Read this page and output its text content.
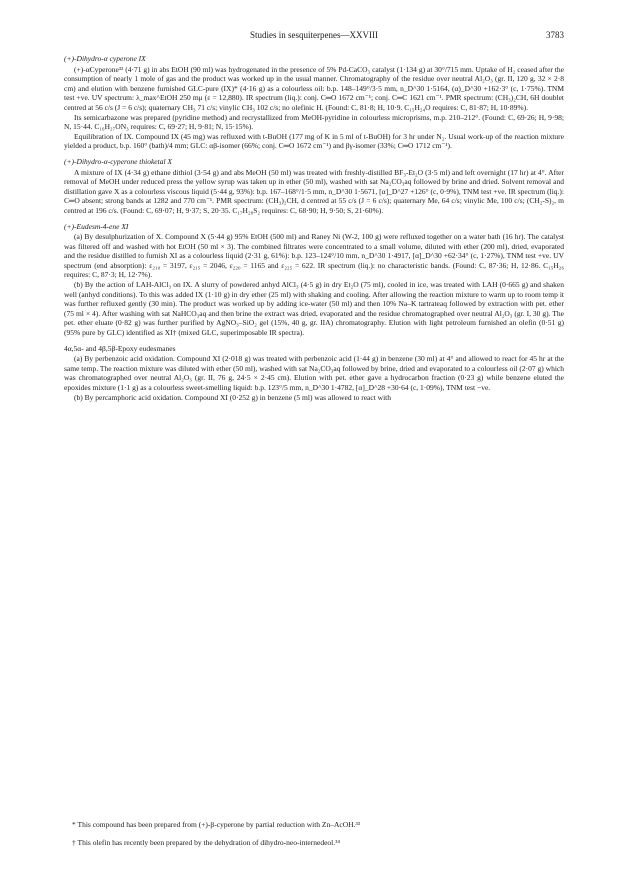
Studies in sesquiterpenes—XXVIII	3783
(+)-Dihydro-α cyperone IX

(+)-αCyperone³² (4·71 g) in abs EtOH (90 ml) was hydrogenated in the presence of 5% Pd-CaCO₃ catalyst (1·134 g) at 30°/715 mm. Uptake of H₂ ceased after the consumption of nearly 1 mole of gas and the product was worked up in the usual manner. Chromatography of the residue over neutral Al₂O₃ (gr. II, 120 g, 32 × 2·8 cm) and elution with benzene furnished GLC-pure (IX)* (4·16 g) as a colourless oil: b.p. 148–149°/3·5 mm, n_D^30 1·5164, (α)_D^30 +162·3° (c, 1·75%). TNM test +ve. UV spectrum: λ_max^EtOH 250 mμ (ε = 12,880). IR spectrum (liq.): conj. C═O 1672 cm⁻¹; conj. C═C 1621 cm⁻¹. PMR spectrum: (CH₃)₂CH, 6H doublet centred at 56 c/s (J = 6 c/s); quaternary CH₃ 71 c/s; vinylic CH₃ 102 c/s; no olefinic H. (Found: C, 81·8; H, 10·9. C₁₅H₂₄O requires: C, 81·87; H, 10·89%).

Its semicarbazone was prepared (pyridine method) and recrystallized from MeOH-pyridine in colourless microprisms, m.p. 210–212°. (Found: C, 69·26; H, 9·98; N, 15·44. C₁₆H₂₇ON₃ requires: C, 69·27; H, 9·81; N, 15·15%).

Equilibration of IX. Compound IX (45 mg) was refluxed with t-BuOH (177 mg of K in 5 ml of t-BuOH) for 3 hr under N₂. Usual work-up of the reaction mixture yielded a product, b.p. 160° (bath)/4 mm; GLC: αβ-isomer (66%; conj. C═O 1672 cm⁻¹) and βγ-isomer (33%; C═O 1712 cm⁻¹).

(+)-Dihydro-α-cyperone thioketal X

A mixture of IX (4·34 g) ethane dithiol (3·54 g) and abs MeOH (50 ml) was treated with freshly-distilled BF₃-Et₂O (3·5 ml) and left overnight (17 hr) at 4°. After removal of MeOH under reduced press the yellow syrup was taken up in ether (50 ml), washed with sat Na₂CO₃aq followed by brine and dried. Solvent removal and distillation gave X as a colourless viscous liquid (5·44 g, 93%): b.p. 167–168°/1·5 mm, n_D^30 1·5671, [α]_D^27 +126° (c, 0·9%), TNM test +ve. IR spectrum (liq.): C═O absent; strong bands at 1282 and 770 cm⁻¹. PMR spectrum: (CH₃)₂CH, d centred at 55 c/s (J = 6 c/s); quaternary Me, 64 c/s; vinylic Me, 100 c/s; (CH₂-S)₂, m centred at 196 c/s. (Found: C, 69·07; H, 9·37; S, 20·35. C₁₇H₂₈S₂ requires: C, 68·90; H, 9·50; S, 21·60%).

(+)-Eudesm-4-ene XI

(a) By desulphurization of X. Compound X (5·44 g) 95% EtOH (500 ml) and Raney Ni (W-2, 100 g) were refluxed together on a water bath (16 hr). The catalyst was filtered off and washed with hot EtOH (50 ml × 3). The combined filtrates were concentrated to a small volume, diluted with ether (200 ml), dried, evaporated and the residue distilled to furnish XI as a colourless liquid (2·31 g, 61%): b.p. 123–124°/10 mm, n_D^30 1·4917, [α]_D^30 +62·34° (c, 1·27%), TNM test +ve. UV spectrum (end absorption): ε₂₁₀ = 3197, ε₂₁₅ = 2046, ε₂₂₀ = 1165 and ε₂₂₅ = 622. IR spectrum (liq.): no characteristic bands. (Found: C, 87·36; H, 12·86. C₁₅H₂₆ requires: C, 87·3; H, 12·7%).

(b) By the action of LAH-AlCl₃ on IX. A slurry of powdered anhyd AlCl₃ (4·5 g) in dry Et₂O (75 ml), cooled in ice, was treated with LAH (0·665 g) and shaken well (anhyd conditions). To this was added IX (1·10 g) in dry ether (25 ml) with shaking and cooling. After allowing the reaction mixture to warm up to room temp it was further refluxed gently (30 min). The product was worked up by adding ice-water (50 ml) and then 10% Na–K tartrateaq followed by extraction with pet. ether (75 ml × 4). After washing with sat NaHCO₃aq and then brine the extract was dried, evaporated and the residue chromatographed over neutral Al₂O₃ (gr. I, 30 g). The pet. ether eluate (0·82 g) was further purified by AgNO₃–SiO₂ gel (15%, 40 g, gr. IIA) chromatography. Elution with light petroleum furnished an olefin (0·51 g) (95% pure by GLC) identified as XI† (mixed GLC, superimposable IR spectra).

4α,5α- and 4β,5β-Epoxy eudesmanes

(a) By perbenzoic acid oxidation. Compound XI (2·018 g) was treated with perbenzoic acid (1·44 g) in benzene (30 ml) at 4° and allowed to react for 45 hr at the same temp. The reaction mixture was diluted with ether (50 ml), washed with sat Na₂CO₃aq followed by brine, dried and evaporated to a colourless oil (2·07 g) which was chromatographed over neutral Al₂O₃ (gr. II, 76 g, 24·5 × 2·45 cm). Elution with pet. ether gave a hydrocarbon fraction (0·23 g) while benzene eluted the epoxides mixture (1·1 g) as a colourless sweet-smelling liquid: b.p. 123°/5 mm, n_D^30 1·4782, [α]_D^28 +30·64 (c, 1·09%), TNM test −ve.

(b) By percamphoric acid oxidation. Compound XI (0·252 g) in benzene (5 ml) was allowed to react with

* This compound has been prepared from (+)-β-cyperone by partial reduction with Zn–AcOH.³³
† This olefin has recently been prepared by the dehydration of dihydro-neo-internedeol.³⁴
